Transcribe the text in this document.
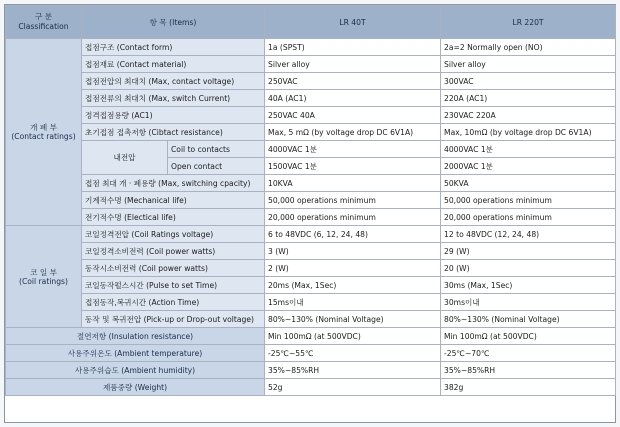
구 분
Classification	항 목 (Items)		LR 40T	LR 220T

개 폐 부
(Contact ratings)	접점구조 (Contact form)		1a (SPST)	2a=2 Normally open (NO)
	접점재료 (Contact material)		Silver alloy	Silver alloy
	접점전압의 최대치 (Max, contact voltage)		250VAC	300VAC
	접점전류의 최대치 (Max, switch Current)		40A (AC1)	220A (AC1)
	정격접점용량 (AC1)		250VAC 40A	230VAC 220A
	초기접점 접촉저항 (Cibtact resistance)		Max, 5 mΩ (by voltage drop DC 6V1A)	Max, 10mΩ (by voltage drop DC 6V1A)
	내전압	Coil to contacts	4000VAC 1분	4000VAC 1분
		Open contact	1500VAC 1분	2000VAC 1분
	접점 최대 개 · 폐용량 (Max, switching cpacity)		10KVA	50KVA
	기계적수명 (Mechanical life)		50,000 operations minimum	50,000 operations minimum
	전기적수명 (Electical life)		20,000 operations minimum	20,000 operations minimum

코 일 부
(Coil ratings)	코일정격전압 (Coil Ratings voltage)		6 to 48VDC (6, 12, 24, 48)	12 to 48VDC (12, 24, 48)
	코일정격소비전력 (Coil power watts)		3 (W)	29 (W)
	동작시소비전력 (Coil power watts)		2 (W)	20 (W)
	코일동작펄스시간 (Pulse to set Time)		20ms (Max, 1Sec)	30ms (Max, 1Sec)
	접점동작,복귀시간 (Action Time)		15ms이내	30ms이내
	동작 및 복귀전압 (Pick-up or Drop-out voltage)		80%~130% (Nominal Voltage)	80%~130% (Nominal Voltage)
절연저항 (Insulation resistance)			Min 100mΩ (at 500VDC)	Min 100mΩ (at 500VDC)
사용주위온도 (Ambient temperature)			-25℃~55℃	-25℃~70℃
사용주위습도 (Ambient humidity)			35%~85%RH	35%~85%RH
제품중량 (Weight)			52g	382g
